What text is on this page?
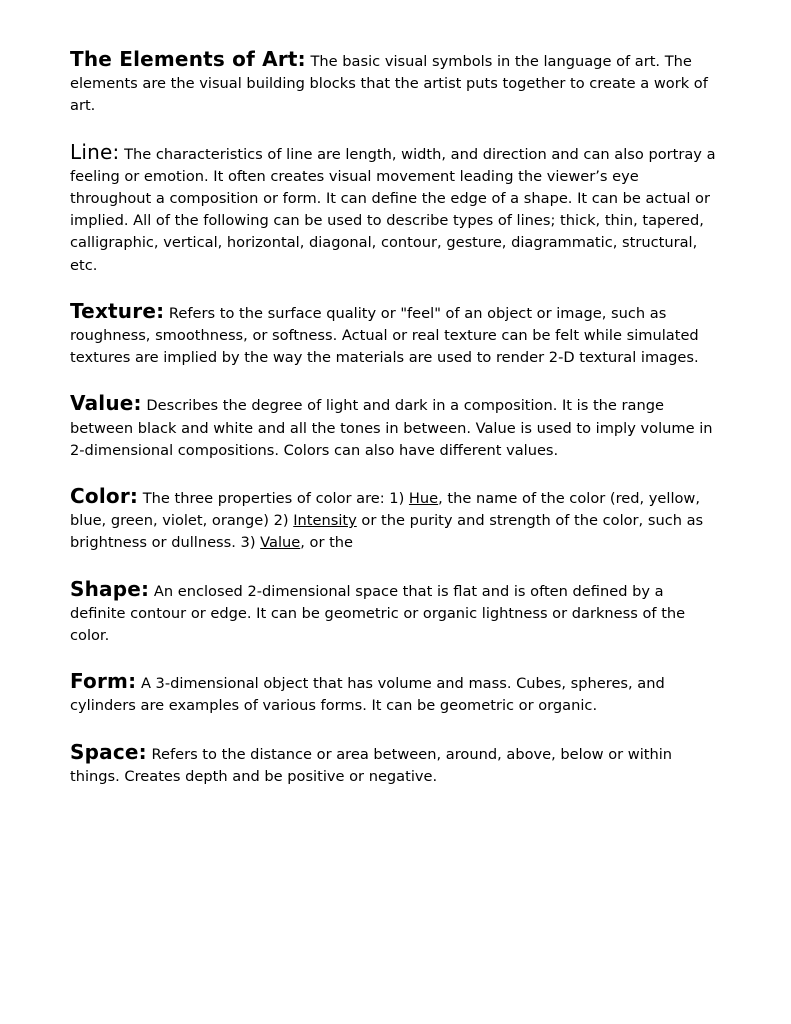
The Elements of Art: The basic visual symbols in the language of art. The elements are the visual building blocks that the artist puts together to create a work of art.

Line: The characteristics of line are length, width, and direction and can also portray a feeling or emotion. It often creates visual movement leading the viewer’s eye throughout a composition or form. It can define the edge of a shape. It can be actual or implied. All of the following can be used to describe types of lines; thick, thin, tapered, calligraphic, vertical, horizontal, diagonal, contour, gesture, diagrammatic, structural, etc.

Texture: Refers to the surface quality or "feel" of an object or image, such as roughness, smoothness, or softness. Actual or real texture can be felt while simulated textures are implied by the way the materials are used to render 2-D textural images.

Value: Describes the degree of light and dark in a composition. It is the range between black and white and all the tones in between. Value is used to imply volume in 2-dimensional compositions. Colors can also have different values.

Color: The three properties of color are: 1) Hue, the name of the color (red, yellow, blue, green, violet, orange) 2) Intensity or the purity and strength of the color, such as brightness or dullness. 3) Value, or the

Shape: An enclosed 2-dimensional space that is flat and is often defined by a definite contour or edge. It can be geometric or organic lightness or darkness of the color.

Form: A 3-dimensional object that has volume and mass. Cubes, spheres, and cylinders are examples of various forms. It can be geometric or organic.

Space: Refers to the distance or area between, around, above, below or within things. Creates depth and be positive or negative.
